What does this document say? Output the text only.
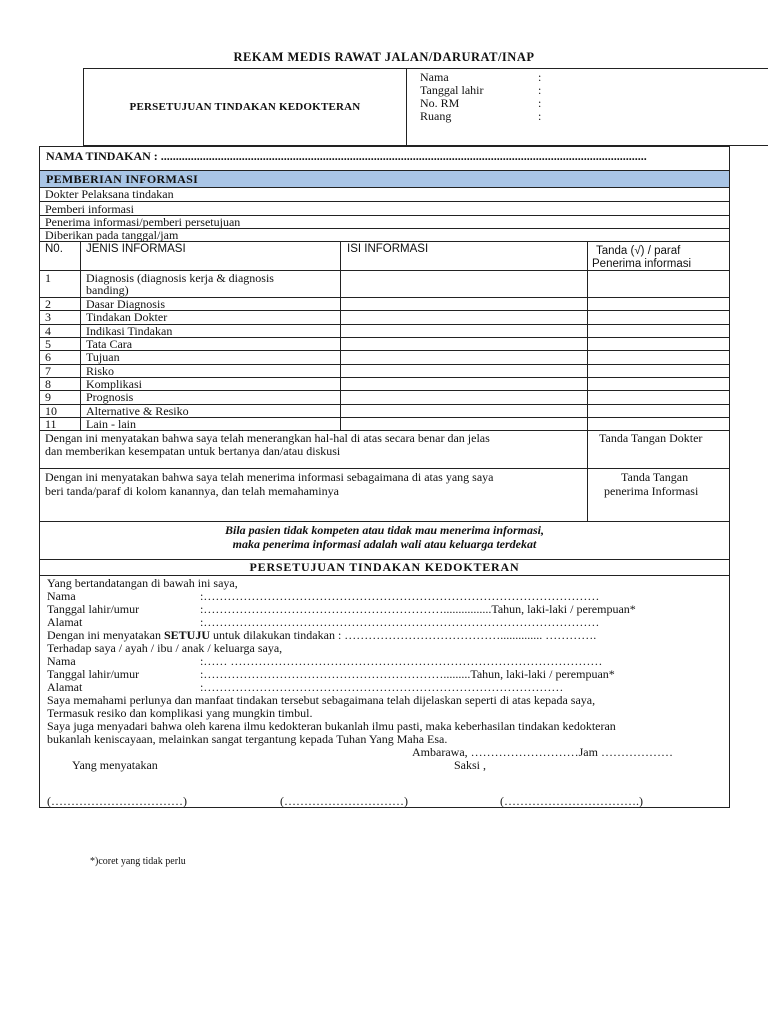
REKAM MEDIS RAWAT JALAN/DARURAT/INAP
PERSETUJUAN TINDAKAN KEDOKTERAN
Nama	:
Tanggal lahir	:
No. RM	:
Ruang	:
NAMA TINDAKAN : ..................................................................................................................................................................
PEMBERIAN INFORMASI
Dokter Pelaksana tindakan
Pemberi informasi
Penerima informasi/pemberi persetujuan
Diberikan pada tanggal/jam
N0. JENIS INFORMASI	ISI INFORMASI	Tanda (√) / paraf
Penerima informasi
1	Diagnosis (diagnosis kerja & diagnosis
banding)
2	Dasar Diagnosis
3	Tindakan Dokter
4	Indikasi Tindakan
5	Tata Cara
6	Tujuan
7	Risko
8	Komplikasi
9	Prognosis
10 Alternative & Resiko
11 Lain - lain
Dengan ini menyatakan bahwa saya telah menerangkan hal-hal di atas secara benar dan jelas
dan memberikan kesempatan untuk bertanya dan/atau diskusi
Tanda Tangan Dokter
Dengan ini menyatakan bahwa saya telah menerima informasi sebagaimana di atas yang saya
beri tanda/paraf di kolom kanannya, dan telah memahaminya
Tanda Tangan
penerima Informasi
Bila pasien tidak kompeten atau tidak mau menerima informasi,
maka penerima informasi adalah wali atau keluarga terdekat
PERSETUJUAN TINDAKAN KEDOKTERAN
Yang bertandatangan di bawah ini saya,
Nama	:………………………………………………………………………………………
Tanggal lahir/umur	:……………………………………………………................Tahun, laki-laki / perempuan*
Alamat	:………………………………………………………………………………………
Dengan ini menyatakan SETUJU untuk dilakukan tindakan : ………………………………….............. ………….
Terhadap saya / ayah / ibu / anak / keluarga saya,
Nama	:…… …………………………………………………………………………………
Tanggal lahir/umur	:…………………………………………………….........Tahun, laki-laki / perempuan*
Alamat	:………………………………………………………………………………
Saya memahami perlunya dan manfaat tindakan tersebut sebagaimana telah dijelaskan seperti di atas kepada saya,
Termasuk resiko dan komplikasi yang mungkin timbul.
Saya juga menyadari bahwa oleh karena ilmu kedokteran bukanlah ilmu pasti, maka keberhasilan tindakan kedokteran
bukanlah keniscayaan, melainkan sangat tergantung kepada Tuhan Yang Maha Esa.
Ambarawa, ………………………Jam ………………
Yang menyatakan	Saksi ,
(……………………………)	(…………………………)	(…………………………….)
*)coret yang tidak perlu
